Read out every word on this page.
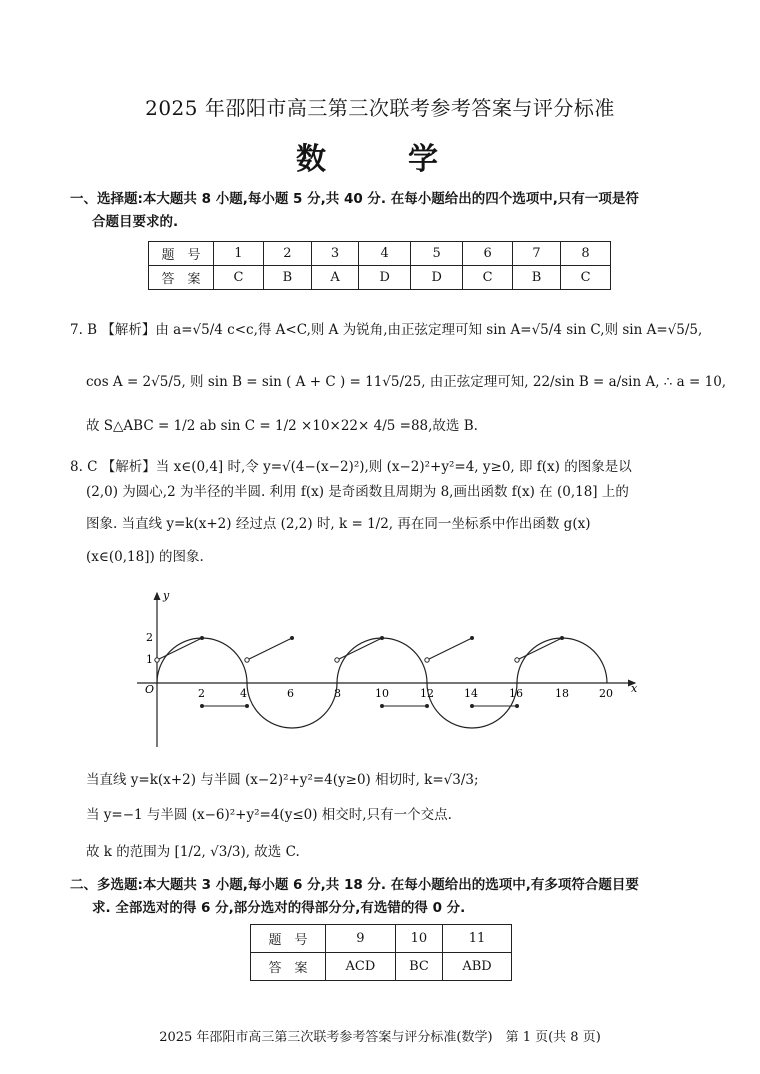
2025 年邵阳市高三第三次联考参考答案与评分标准
数　学
一、选择题:本大题共 8 小题,每小题 5 分,共 40 分. 在每小题给出的四个选项中,只有一项是符
合题目要求的.
题　号	1	2	3	4	5	6	7	8
答　案	C	B	A	D	D	C	B	C
7. B 【解析】由 a=√5/4 c<c,得 A<C,则 A 为锐角,由正弦定理可知 sin A=√5/4 sin C,则 sin A=√5/5,
cos A = 2√5/5, 则 sin B = sin ( A + C ) = 11√5/25, 由正弦定理可知, 22/sin B = a/sin A, ∴ a = 10,
故 S△ABC = 1/2 ab sin C = 1/2 ×10×22× 4/5 =88,故选 B.
8. C 【解析】当 x∈(0,4] 时,令 y=√(4−(x−2)²),则 (x−2)²+y²=4, y≥0, 即 f(x) 的图象是以
(2,0) 为圆心,2 为半径的半圆. 利用 f(x) 是奇函数且周期为 8,画出函数 f(x) 在 (0,18] 上的
图象. 当直线 y=k(x+2) 经过点 (2,2) 时, k = 1/2, 再在同一坐标系中作出函数 g(x)
(x∈(0,18]) 的图象.
y
x
O
2
1
2	4	6	8	10	12	14	16	18	20
当直线 y=k(x+2) 与半圆 (x−2)²+y²=4(y≥0) 相切时, k=√3/3;
当 y=−1 与半圆 (x−6)²+y²=4(y≤0) 相交时,只有一个交点.
故 k 的范围为 [1/2, √3/3), 故选 C.
二、多选题:本大题共 3 小题,每小题 6 分,共 18 分. 在每小题给出的选项中,有多项符合题目要
求. 全部选对的得 6 分,部分选对的得部分分,有选错的得 0 分.
题　号	9	10	11
答　案	ACD	BC	ABD
2025 年邵阳市高三第三次联考参考答案与评分标准(数学)　第 1 页(共 8 页)
